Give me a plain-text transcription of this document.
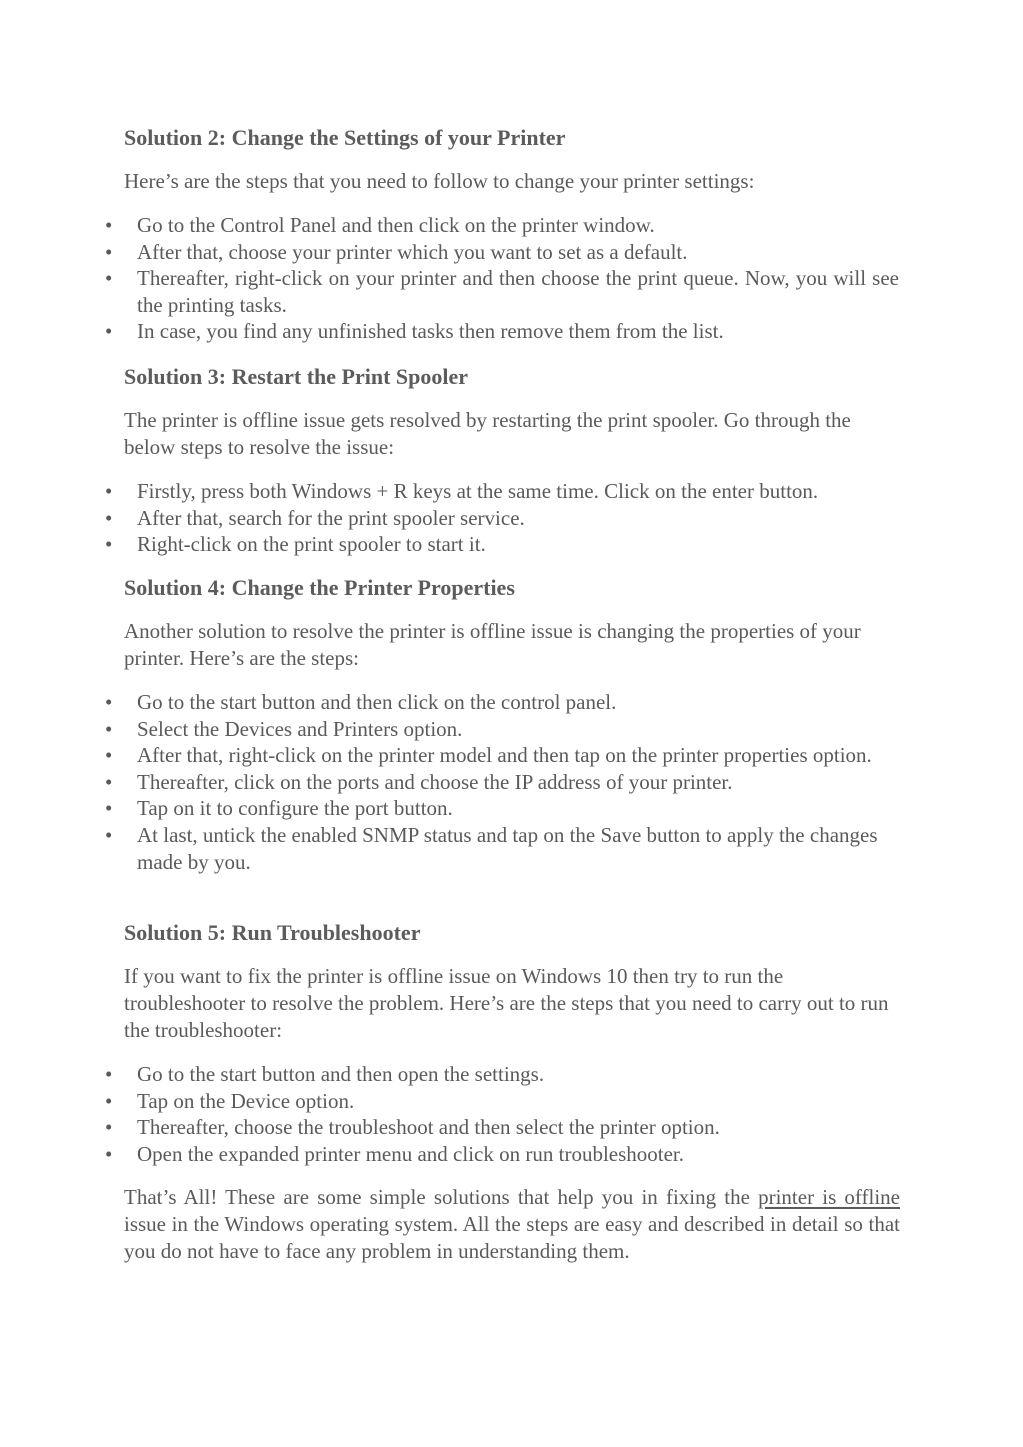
Solution 2: Change the Settings of your Printer

Here’s are the steps that you need to follow to change your printer settings:

• Go to the Control Panel and then click on the printer window.
• After that, choose your printer which you want to set as a default.
• Thereafter, right-click on your printer and then choose the print queue. Now, you will see the printing tasks.
• In case, you find any unfinished tasks then remove them from the list.
Solution 3: Restart the Print Spooler

The printer is offline issue gets resolved by restarting the print spooler. Go through the below steps to resolve the issue:

• Firstly, press both Windows + R keys at the same time. Click on the enter button.
• After that, search for the print spooler service.
• Right-click on the print spooler to start it.
Solution 4: Change the Printer Properties

Another solution to resolve the printer is offline issue is changing the properties of your printer. Here’s are the steps:

• Go to the start button and then click on the control panel.
• Select the Devices and Printers option.
• After that, right-click on the printer model and then tap on the printer properties option.
• Thereafter, click on the ports and choose the IP address of your printer.
• Tap on it to configure the port button.
• At last, untick the enabled SNMP status and tap on the Save button to apply the changes made by you.
Solution 5: Run Troubleshooter

If you want to fix the printer is offline issue on Windows 10 then try to run the troubleshooter to resolve the problem. Here’s are the steps that you need to carry out to run the troubleshooter:

• Go to the start button and then open the settings.
• Tap on the Device option.
• Thereafter, choose the troubleshoot and then select the printer option.
• Open the expanded printer menu and click on run troubleshooter.

That’s All! These are some simple solutions that help you in fixing the printer is offline issue in the Windows operating system. All the steps are easy and described in detail so that you do not have to face any problem in understanding them.
